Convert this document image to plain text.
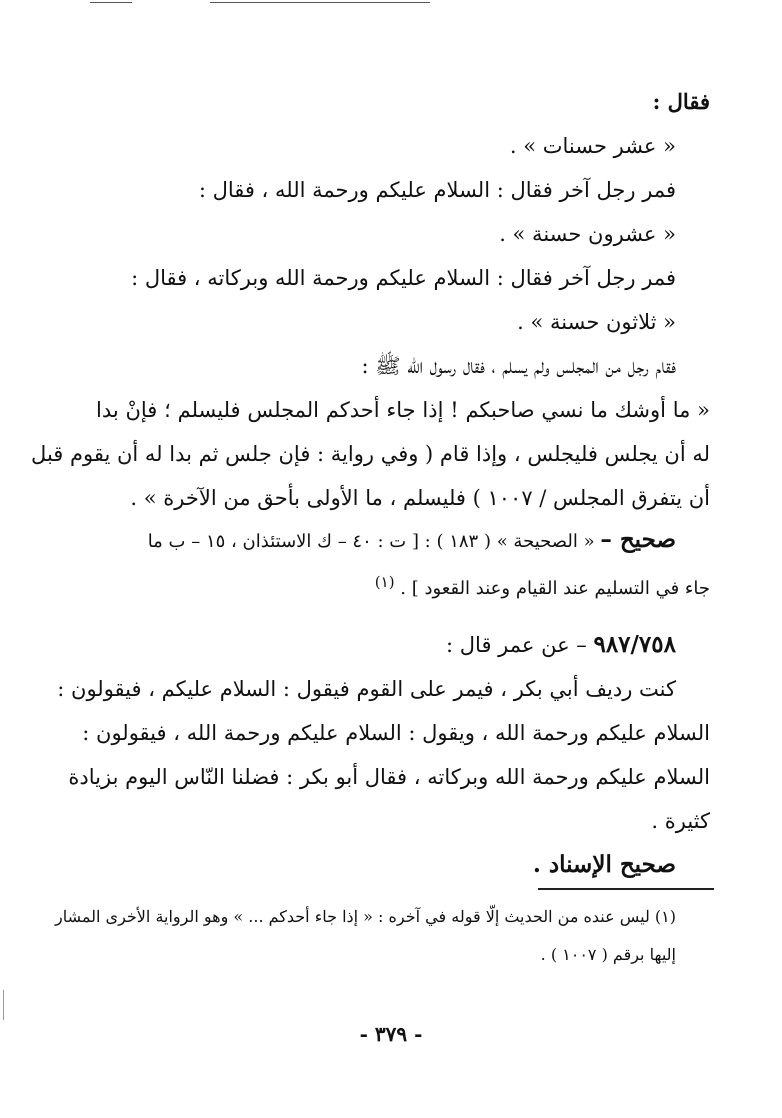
فقال :
« عشر حسنات » .
فمر رجل آخر فقال : السلام عليكم ورحمة الله ، فقال :
« عشرون حسنة » .
فمر رجل آخر فقال : السلام عليكم ورحمة الله وبركاته ، فقال :
« ثلاثون حسنة » .
فقام رجل من المجلس ولم يسلم ، فقال رسول الله ﷺ :
« ما أوشك ما نسي صاحبكم ! إذا جاء أحدكم المجلس فليسلم ؛ فإنْ بدا
له أن يجلس فليجلس ، وإذا قام ( وفي رواية : فإن جلس ثم بدا له أن يقوم قبل
أن يتفرق المجلس / ١٠٠٧ ) فليسلم ، ما الأولى بأحق من الآخرة » .
صحيح – « الصحيحة » ( ١٨٣ ) : [ ت : ٤٠ – ك الاستئذان ، ١٥ – ب ما
جاء في التسليم عند القيام وعند القعود ] . $^{(١)}$
٩٨٧/٧٥٨ – عن عمر قال :
كنت رديف أبي بكر ، فيمر على القوم فيقول : السلام عليكم ، فيقولون :
السلام عليكم ورحمة الله ، ويقول : السلام عليكم ورحمة الله ، فيقولون :
السلام عليكم ورحمة الله وبركاته ، فقال أبو بكر : فضلنا النّاس اليوم بزيادة
كثيرة .
صحيح الإسناد .
(١) ليس عنده من الحديث إلّا قوله في آخره : « إذا جاء أحدكم ... » وهو الرواية الأخرى المشار
إليها برقم ( ١٠٠٧ ) .
- ٣٧٩ -
